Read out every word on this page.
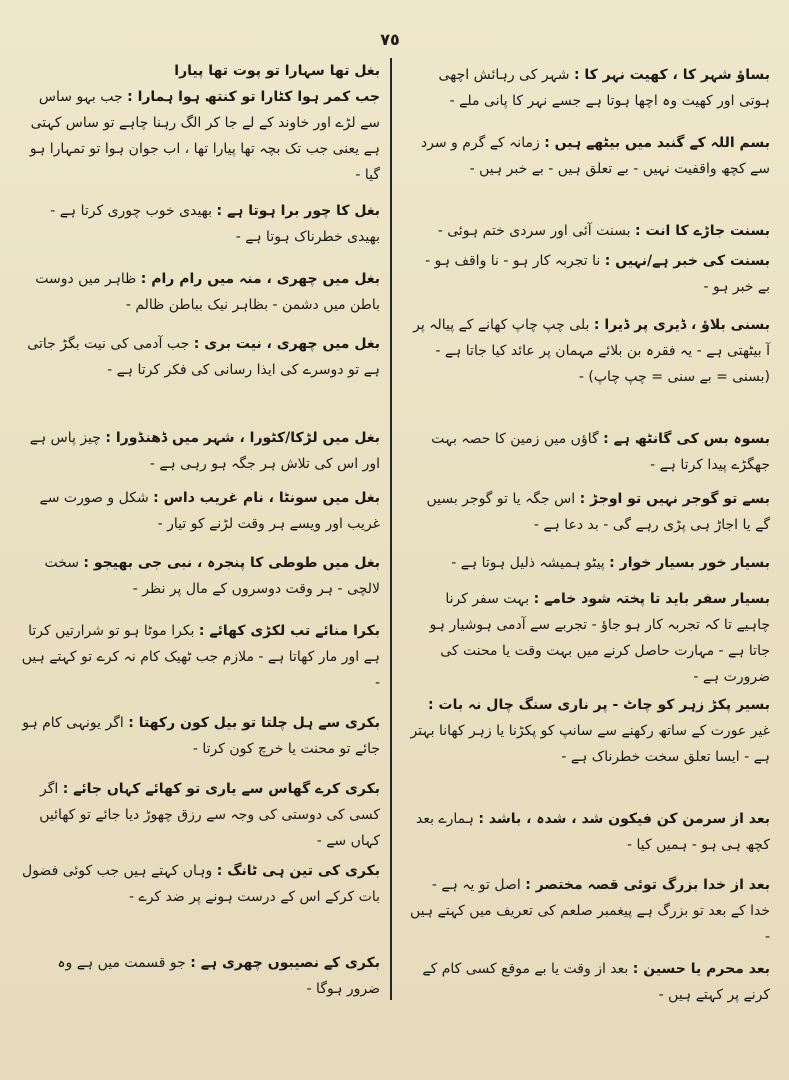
٧٥
بغل تھا سہارا تو پوت تھا پیارا
جب کمر ہوا کٹارا تو کنتھ ہوا ہمارا : جب بہو ساس سے لڑے اور خاوند کے لے جا کر الگ رہنا چاہے تو ساس کہتی ہے یعنی جب تک بچہ تھا پیارا تھا ، اب جوان ہوا تو تمہارا ہو گیا -
بغل کا چور برا ہوتا ہے : بھیدی خوب چوری کرتا ہے - بھیدی خطرناک ہوتا ہے -
بغل میں چھری ، منہ میں رام رام : ظاہر میں دوست باطن میں دشمن - بظاہر نیک بباطن ظالم -
بغل میں چھری ، نیت بری : جب آدمی کی نیت بگڑ جاتی ہے تو دوسرے کی ایذا رسانی کی فکر کرتا ہے -
بغل میں لڑکا/کٹورا ، شہر میں ڈھنڈورا : چیز پاس ہے اور اس کی تلاش ہر جگہ ہو رہی ہے -
بغل میں سونٹا ، نام غریب داس : شکل و صورت سے غریب اور ویسے ہر وقت لڑنے کو تیار -
بغل میں طوطی کا پنجرہ ، نبی جی بھیجو : سخت لالچی - ہر وقت دوسروں کے مال پر نظر -
بکرا منائے تب لکڑی کھائے : بکرا موٹا ہو تو شرارتیں کرتا ہے اور مار کھاتا ہے - ملازم جب ٹھیک کام نہ کرے تو کہتے ہیں -
بکری سے ہل چلتا تو بیل کون رکھتا : اگر یونہی کام ہو جائے تو محنت یا خرچ کون کرتا -
بکری کرے گھاس سے یاری تو کھائے کہاں جائے : اگر کسی کی دوستی کی وجہ سے رزق چھوڑ دیا جائے تو کھائیں کہاں سے -
بکری کی تین ہی ٹانگ : وہاں کہتے ہیں جب کوئی فضول بات کرکے اس کے درست ہونے پر ضد کرے -
بکری کے نصیبوں چھری ہے : جو قسمت میں ہے وہ ضرور ہوگا -
بساؤ شہر کا ، کھیت نہر کا : شہر کی رہائش اچھی ہوتی اور کھیت وہ اچھا ہوتا ہے جسے نہر کا پانی ملے -
بسم اللہ کے گنبد میں بیٹھے ہیں : زمانہ کے گرم و سرد سے کچھ واقفیت نہیں - بے تعلق ہیں - بے خبر ہیں -
بسنت جاڑے کا انت : بسنت آئی اور سردی ختم ہوئی -
بسنت کی خبر ہے/نہیں : نا تجربہ کار ہو - نا واقف ہو - بے خبر ہو -
بسنی بلاؤ ، ڈیری پر ڈیرا : بلی چپ چاپ کھانے کے پیالہ پر آ بیٹھتی ہے - یہ فقرہ بن بلائے مہمان پر عائد کیا جاتا ہے - (بسنی = بے سنی = چپ چاپ) -
بسوہ بس کی گانٹھ ہے : گاؤں میں زمین کا حصہ بہت جھگڑے پیدا کرتا ہے -
بسے تو گوجر نہیں تو اوجڑ : اس جگہ یا تو گوجر بسیں گے یا اجاڑ ہی پڑی رہے گی - بد دعا ہے -
بسیار خور بسیار خوار : پیٹو ہمیشہ ذلیل ہوتا ہے -
بسیار سفر باید تا پختہ شود خامے : بہت سفر کرنا چاہیے تا کہ تجربہ کار ہو جاؤ - تجربے سے آدمی ہوشیار ہو جاتا ہے - مہارت حاصل کرنے میں بہت وقت یا محنت کی ضرورت ہے -
بسیر پکڑ زہر کو چاٹ - پر ناری سنگ چال نہ بات : غیر عورت کے ساتھ رکھنے سے سانپ کو پکڑنا یا زہر کھانا بہتر ہے - ایسا تعلق سخت خطرناک ہے -
بعد از سرمن کن فیکون شد ، شدہ ، باشد : ہمارے بعد کچھ ہی ہو - ہمیں کیا -
بعد از خدا بزرگ توئی قصہ مختصر : اصل تو یہ ہے - خدا کے بعد تو بزرگ ہے پیغمبر صلعم کی تعریف میں کہتے ہیں -
بعد محرم یا حسین : بعد از وقت یا بے موقع کسی کام کے کرنے پر کہتے ہیں -
